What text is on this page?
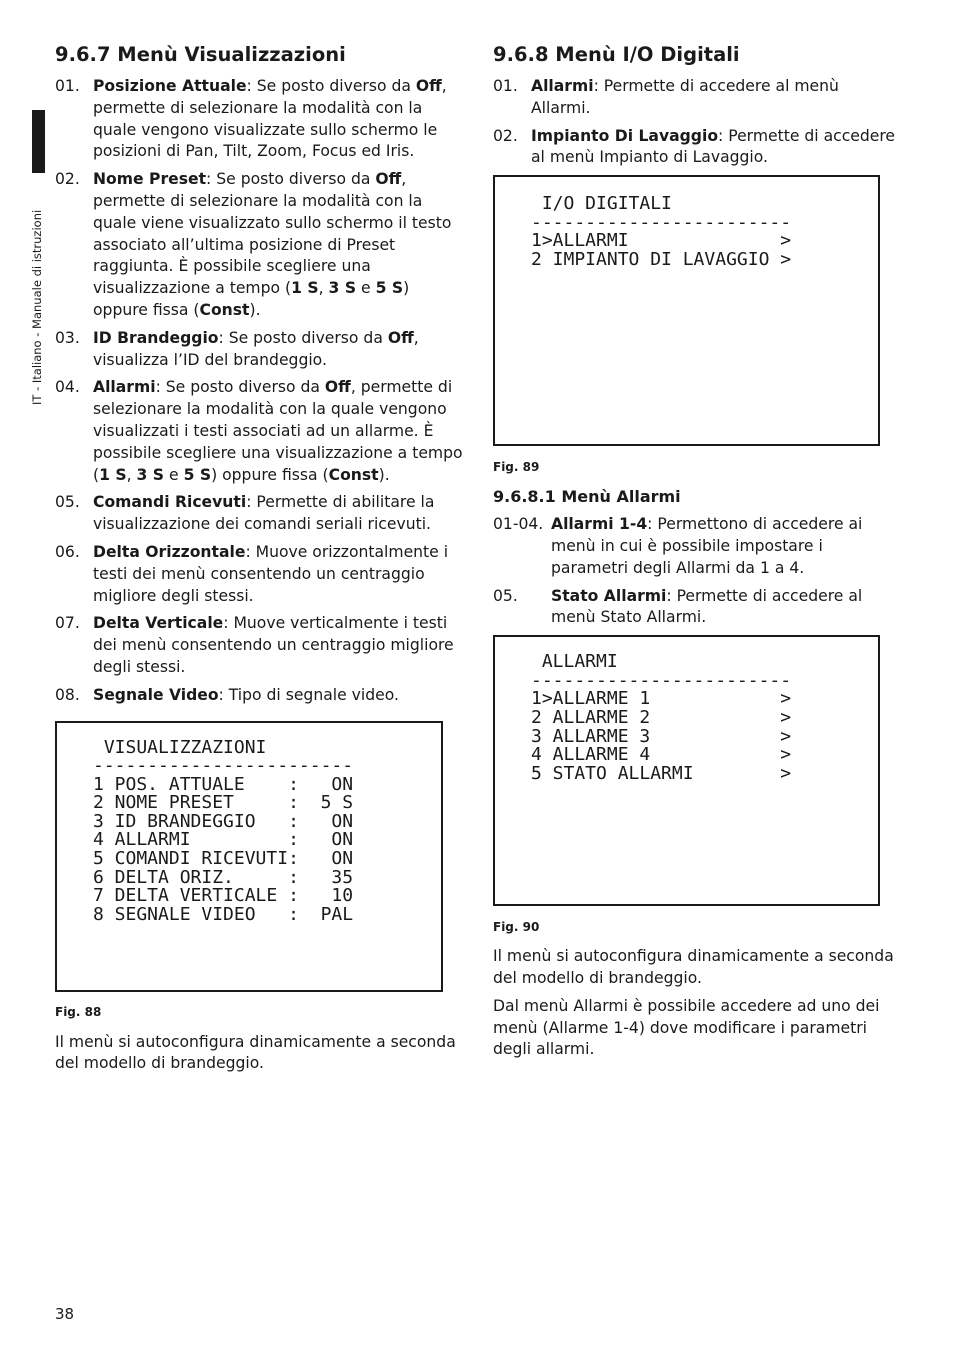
IT - Italiano - Manuale di istruzioni
9.6.7 Menù Visualizzazioni
01. Posizione Attuale: Se posto diverso da Off, permette di selezionare la modalità con la quale vengono visualizzate sullo schermo le posizioni di Pan, Tilt, Zoom, Focus ed Iris.
02. Nome Preset: Se posto diverso da Off, permette di selezionare la modalità con la quale viene visualizzato sullo schermo il testo associato all’ultima posizione di Preset raggiunta. È possibile scegliere una visualizzazione a tempo (1 S, 3 S e 5 S) oppure fissa (Const).
03. ID Brandeggio: Se posto diverso da Off, visualizza l’ID del brandeggio.
04. Allarmi: Se posto diverso da Off, permette di selezionare la modalità con la quale vengono visualizzati i testi associati ad un allarme. È possibile scegliere una visualizzazione a tempo (1 S, 3 S e 5 S) oppure fissa (Const).
05. Comandi Ricevuti: Permette di abilitare la visualizzazione dei comandi seriali ricevuti.
06. Delta Orizzontale: Muove orizzontalmente i testi dei menù consentendo un centraggio migliore degli stessi.
07. Delta Verticale: Muove verticalmente i testi dei menù consentendo un centraggio migliore degli stessi.
08. Segnale Video: Tipo di segnale video.
VISUALIZZAZIONI
------------------------
1 POS. ATTUALE    :   ON
2 NOME PRESET     :  5 S
3 ID BRANDEGGIO   :   ON
4 ALLARMI         :   ON
5 COMANDI RICEVUTI:   ON
6 DELTA ORIZ.     :   35
7 DELTA VERTICALE :   10
8 SEGNALE VIDEO   :  PAL

Fig. 88

Il menù si autoconfigura dinamicamente a seconda del modello di brandeggio.

9.6.8 Menù I/O Digitali
01. Allarmi: Permette di accedere al menù Allarmi.
02. Impianto Di Lavaggio: Permette di accedere al menù Impianto di Lavaggio.
I/O DIGITALI
------------------------
1>ALLARMI              >
2 IMPIANTO DI LAVAGGIO >

Fig. 89

9.6.8.1 Menù Allarmi
01-04. Allarmi 1-4: Permettono di accedere ai menù in cui è possibile impostare i parametri degli Allarmi da 1 a 4.
05. Stato Allarmi: Permette di accedere al menù Stato Allarmi.
ALLARMI
------------------------
1>ALLARME 1            >
2 ALLARME 2            >
3 ALLARME 3            >
4 ALLARME 4            >
5 STATO ALLARMI        >

Fig. 90

Il menù si autoconfigura dinamicamente a seconda del modello di brandeggio.

Dal menù Allarmi è possibile accedere ad uno dei menù (Allarme 1-4) dove modificare i parametri degli allarmi.

38
